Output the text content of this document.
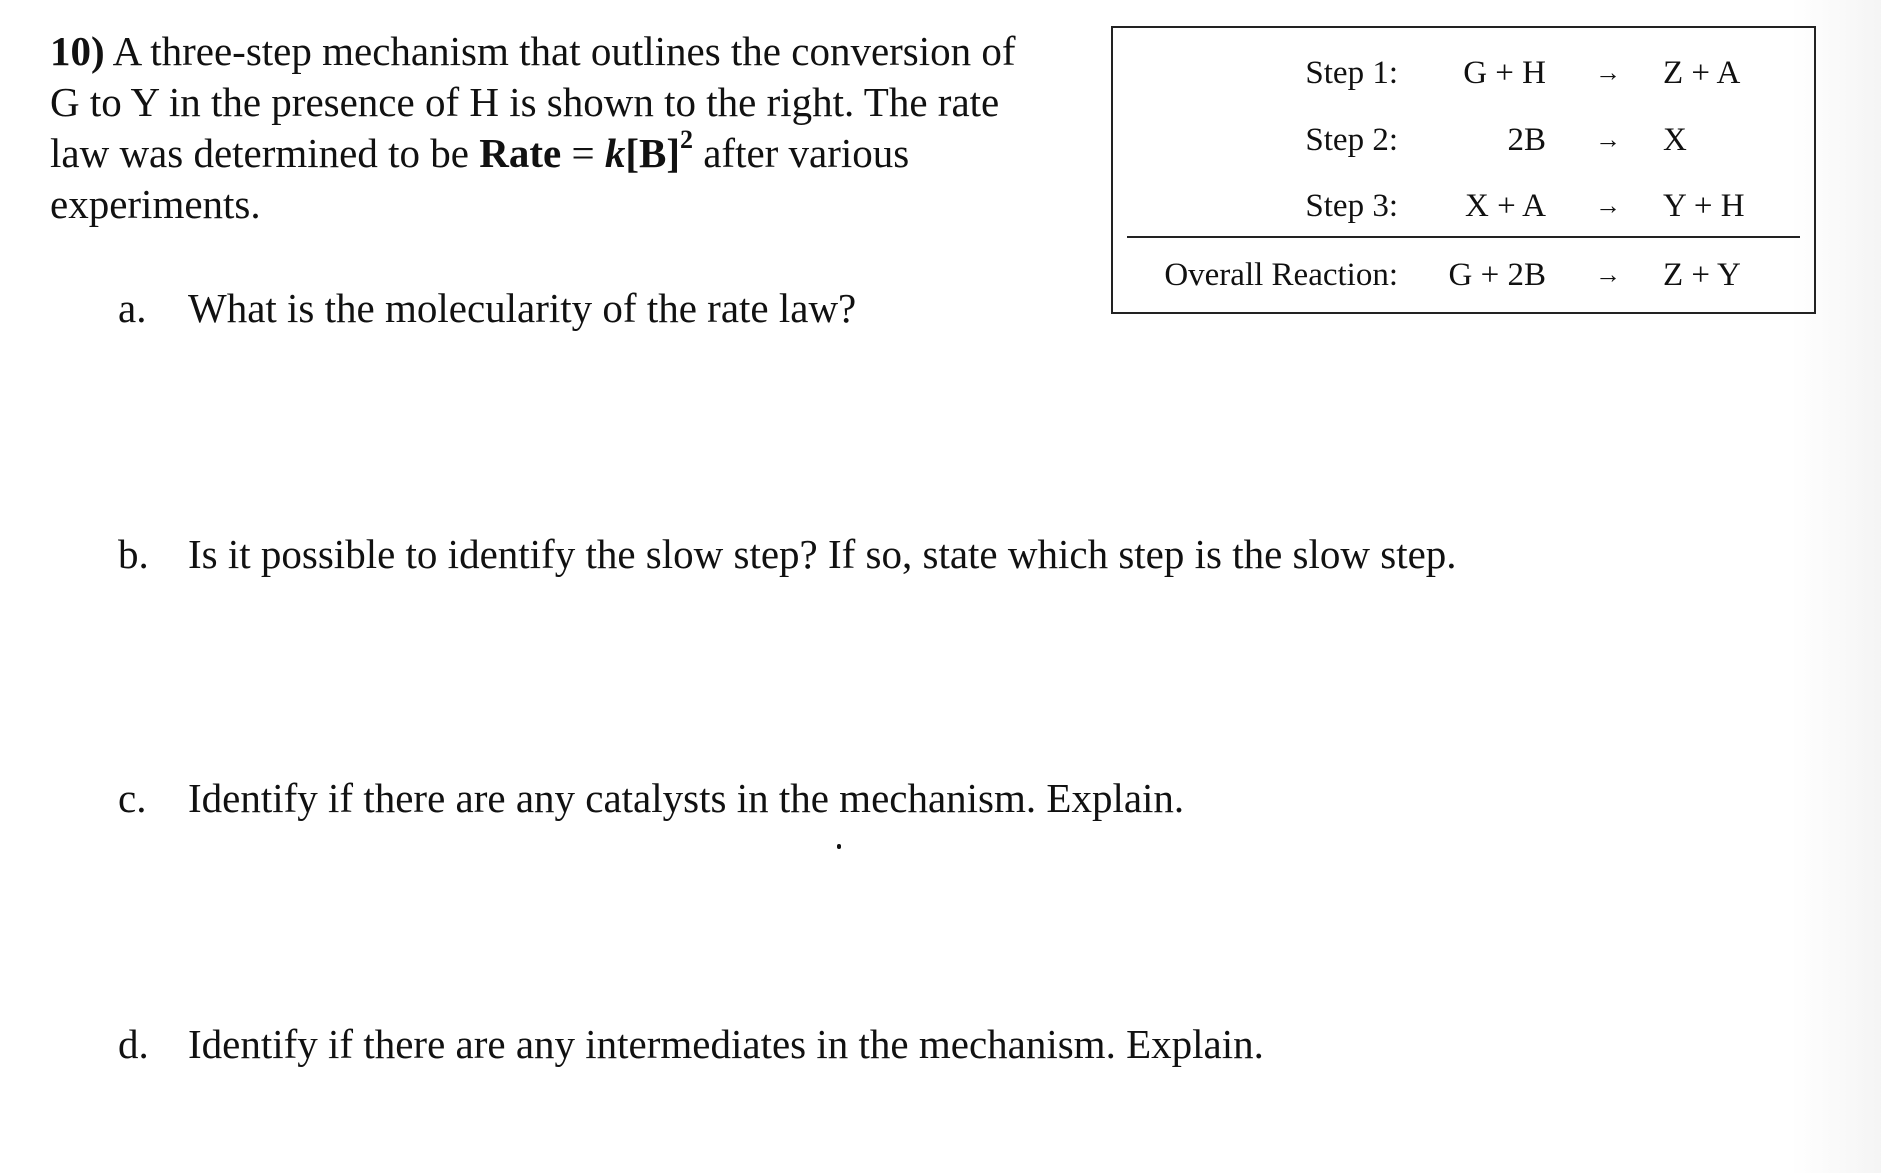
10) A three-step mechanism that outlines the conversion of
G to Y in the presence of H is shown to the right. The rate
law was determined to be Rate = $k[B]^2$ after various
experiments.
Step 1: G + H → Z + A
Step 2:	2B → X
Step 3: X + A → Y + H
Overall Reaction: G + 2B → Z + Y
a. What is the molecularity of the rate law?
b. Is it possible to identify the slow step? If so, state which step is the slow step.
c. Identify if there are any catalysts in the mechanism. Explain.
d. Identify if there are any intermediates in the mechanism. Explain.
